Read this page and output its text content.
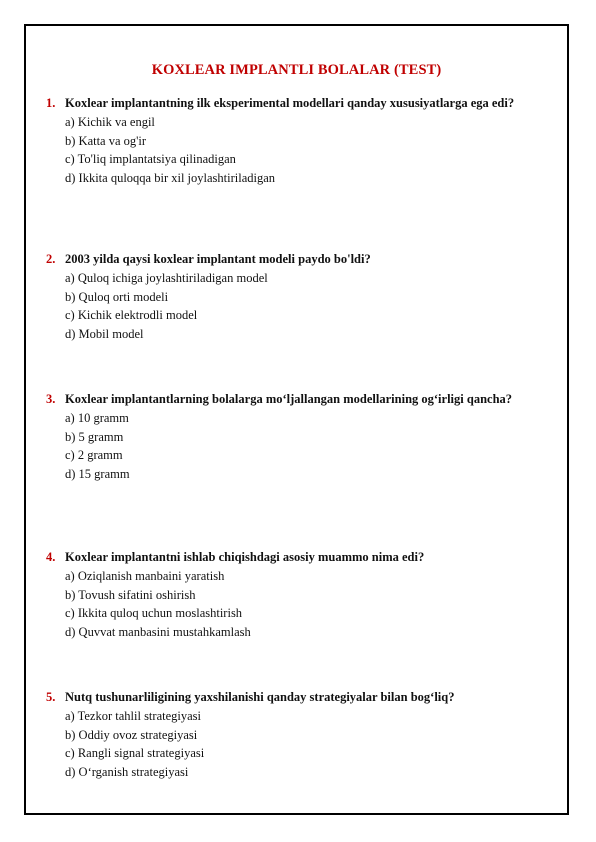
KOXLEAR IMPLANTLI BOLALAR (TEST)
1. Koxlear implantantning ilk eksperimental modellari qanday xususiyatlarga ega edi?
a) Kichik va engil
b) Katta va og'ir
c) To'liq implantatsiya qilinadigan
d) Ikkita quloqqa bir xil joylashtiriladigan
2. 2003 yilda qaysi koxlear implantant modeli paydo bo'ldi?
a) Quloq ichiga joylashtiriladigan model
b) Quloq orti modeli
c) Kichik elektrodli model
d) Mobil model
3. Koxlear implantantlarning bolalarga mo‘ljallangan modellarining og‘irligi qancha?
a) 10 gramm
b) 5 gramm
c) 2 gramm
d) 15 gramm
4. Koxlear implantantni ishlab chiqishdagi asosiy muammo nima edi?
a) Oziqlanish manbaini yaratish
b) Tovush sifatini oshirish
c) Ikkita quloq uchun moslashtirish
d) Quvvat manbasini mustahkamlash
5. Nutq tushunarliligining yaxshilanishi qanday strategiyalar bilan bog‘liq?
a) Tezkor tahlil strategiyasi
b) Oddiy ovoz strategiyasi
c) Rangli signal strategiyasi
d) O‘rganish strategiyasi
